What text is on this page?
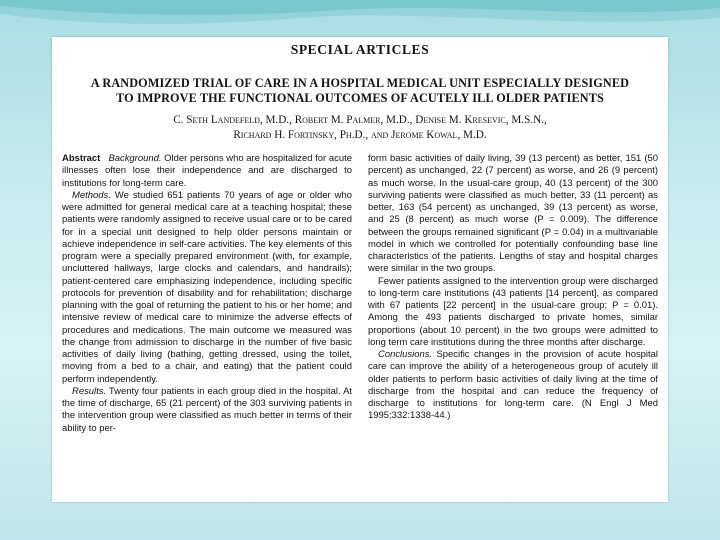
SPECIAL ARTICLES
A RANDOMIZED TRIAL OF CARE IN A HOSPITAL MEDICAL UNIT ESPECIALLY DESIGNED
TO IMPROVE THE FUNCTIONAL OUTCOMES OF ACUTELY ILL OLDER PATIENTS
C. Seth Landefeld, M.D., Robert M. Palmer, M.D., Denise M. Kresevic, M.S.N.,
Richard H. Fortinsky, Ph.D., and Jerome Kowal, M.D.

Abstract Background. Older persons who are hospitalized for acute illnesses often lose their independence and are discharged to institutions for long-term care.

Methods. We studied 651 patients 70 years of age or older who were admitted for general medical care at a teaching hospital; these patients were randomly assigned to receive usual care or to be cared for in a special unit designed to help older persons maintain or achieve independence in self-care activities. The key elements of this program were a specially prepared environment (with, for example, uncluttered hallways, large clocks and calendars, and handrails); patient-centered care emphasizing independence, including specific protocols for prevention of disability and for rehabilitation; discharge planning with the goal of returning the patient to his or her home; and intensive review of medical care to minimize the adverse effects of procedures and medications. The main outcome we measured was the change from admission to discharge in the number of five basic activities of daily living (bathing, getting dressed, using the toilet, moving from a bed to a chair, and eating) that the patient could perform independently.

Results. Twenty four patients in each group died in the hospital. At the time of discharge, 65 (21 percent) of the 303 surviving patients in the intervention group were classified as much better in terms of their ability to per-

form basic activities of daily living, 39 (13 percent) as better, 151 (50 percent) as unchanged, 22 (7 percent) as worse, and 26 (9 percent) as much worse. In the usual-care group, 40 (13 percent) of the 300 surviving patients were classified as much better, 33 (11 percent) as better, 163 (54 percent) as unchanged, 39 (13 percent) as worse, and 25 (8 percent) as much worse (P = 0.009). The difference between the groups remained significant (P = 0.04) in a multivariable model in which we controlled for potentially confounding base line characteristics of the patients. Lengths of stay and hospital charges were similar in the two groups.

Fewer patients assigned to the intervention group were discharged to long-term care institutions (43 patients [14 percent], as compared with 67 patients [22 percent] in the usual-care group; P = 0.01). Among the 493 patients discharged to private homes, similar proportions (about 10 percent) in the two groups were admitted to long term care institutions during the three months after discharge.

Conclusions. Specific changes in the provision of acute hospital care can improve the ability of a heterogeneous group of acutely ill older patients to perform basic activities of daily living at the time of discharge from the hospital and can reduce the frequency of discharge to institutions for long-term care. (N Engl J Med 1995;332:1338-44.)
